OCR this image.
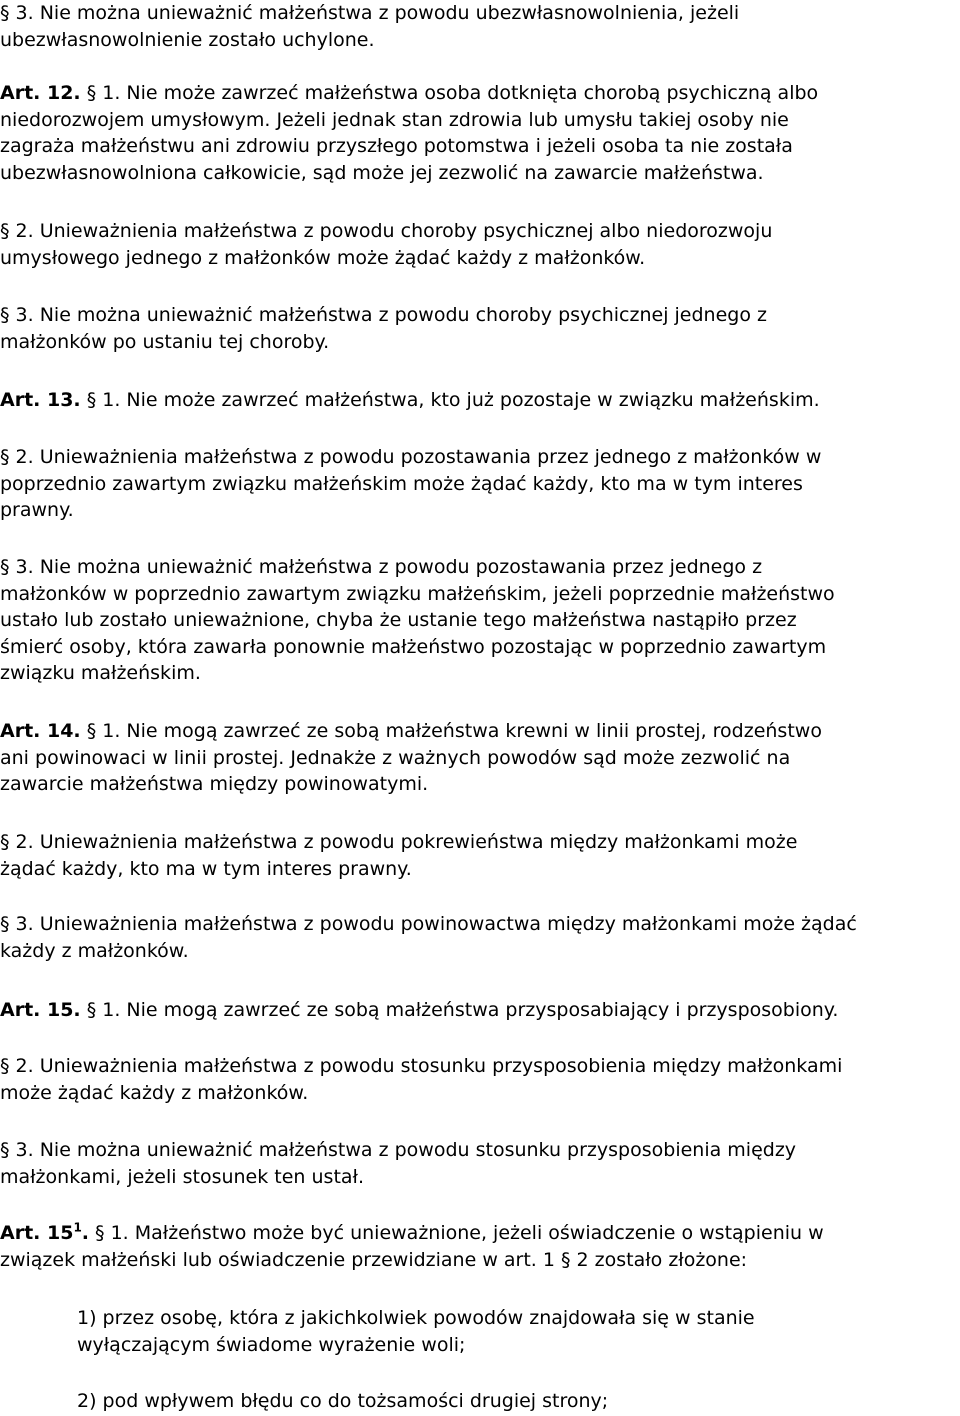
§ 3. Nie można unieważnić małżeństwa z powodu ubezwłasnowolnienia, jeżeli
ubezwłasnowolnienie zostało uchylone.
Art. 12. § 1. Nie może zawrzeć małżeństwa osoba dotknięta chorobą psychiczną albo
niedorozwojem umysłowym. Jeżeli jednak stan zdrowia lub umysłu takiej osoby nie
zagraża małżeństwu ani zdrowiu przyszłego potomstwa i jeżeli osoba ta nie została
ubezwłasnowolniona całkowicie, sąd może jej zezwolić na zawarcie małżeństwa.
§ 2. Unieważnienia małżeństwa z powodu choroby psychicznej albo niedorozwoju
umysłowego jednego z małżonków może żądać każdy z małżonków.
§ 3. Nie można unieważnić małżeństwa z powodu choroby psychicznej jednego z
małżonków po ustaniu tej choroby.
Art. 13. § 1. Nie może zawrzeć małżeństwa, kto już pozostaje w związku małżeńskim.
§ 2. Unieważnienia małżeństwa z powodu pozostawania przez jednego z małżonków w
poprzednio zawartym związku małżeńskim może żądać każdy, kto ma w tym interes
prawny.
§ 3. Nie można unieważnić małżeństwa z powodu pozostawania przez jednego z
małżonków w poprzednio zawartym związku małżeńskim, jeżeli poprzednie małżeństwo
ustało lub zostało unieważnione, chyba że ustanie tego małżeństwa nastąpiło przez
śmierć osoby, która zawarła ponownie małżeństwo pozostając w poprzednio zawartym
związku małżeńskim.
Art. 14. § 1. Nie mogą zawrzeć ze sobą małżeństwa krewni w linii prostej, rodzeństwo
ani powinowaci w linii prostej. Jednakże z ważnych powodów sąd może zezwolić na
zawarcie małżeństwa między powinowatymi.
§ 2. Unieważnienia małżeństwa z powodu pokrewieństwa między małżonkami może
żądać każdy, kto ma w tym interes prawny.
§ 3. Unieważnienia małżeństwa z powodu powinowactwa między małżonkami może żądać
każdy z małżonków.
Art. 15. § 1. Nie mogą zawrzeć ze sobą małżeństwa przysposabiający i przysposobiony.
§ 2. Unieważnienia małżeństwa z powodu stosunku przysposobienia między małżonkami
może żądać każdy z małżonków.
§ 3. Nie można unieważnić małżeństwa z powodu stosunku przysposobienia między
małżonkami, jeżeli stosunek ten ustał.
Art. $15^1$. § 1. Małżeństwo może być unieważnione, jeżeli oświadczenie o wstąpieniu w
związek małżeński lub oświadczenie przewidziane w art. 1 § 2 zostało złożone:
1) przez osobę, która z jakichkolwiek powodów znajdowała się w stanie
wyłączającym świadome wyrażenie woli;
2) pod wpływem błędu co do tożsamości drugiej strony;
